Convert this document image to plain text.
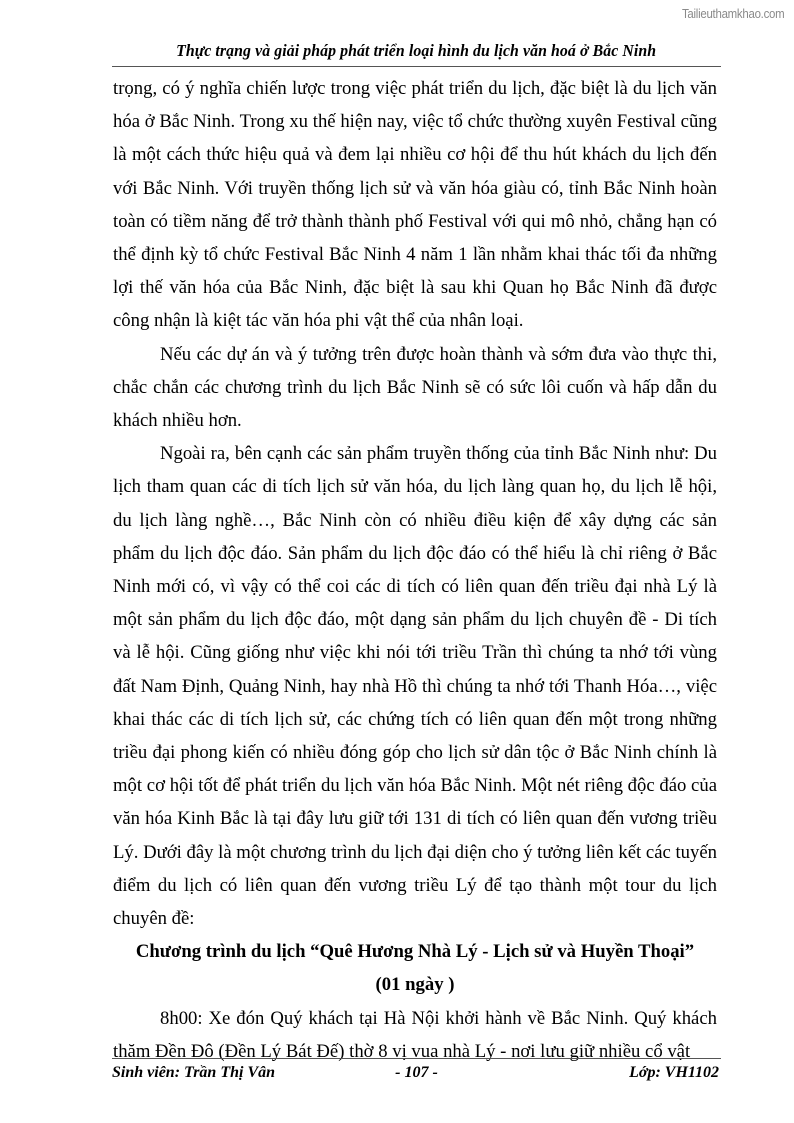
Tailieuthamkhao.com
Thực trạng và giải pháp phát triển loại hình du lịch văn hoá ở Bắc Ninh

trọng, có ý nghĩa chiến lược trong việc phát triển du lịch, đặc biệt là du lịch văn hóa ở Bắc Ninh. Trong xu thế hiện nay, việc tổ chức thường xuyên Festival cũng là một cách thức hiệu quả và đem lại nhiều cơ hội để thu hút khách du lịch đến với Bắc Ninh. Với truyền thống lịch sử và văn hóa giàu có, tỉnh Bắc Ninh hoàn toàn có tiềm năng để trở thành thành phố Festival với qui mô nhỏ, chẳng hạn có thể định kỳ tổ chức Festival Bắc Ninh 4 năm 1 lần nhằm khai thác tối đa những lợi thế văn hóa của Bắc Ninh, đặc biệt là sau khi Quan họ Bắc Ninh đã được công nhận là kiệt tác văn hóa phi vật thể của nhân loại.

Nếu các dự án và ý tưởng trên được hoàn thành và sớm đưa vào thực thi, chắc chắn các chương trình du lịch Bắc Ninh sẽ có sức lôi cuốn và hấp dẫn du khách nhiều hơn.

Ngoài ra, bên cạnh các sản phẩm truyền thống của tỉnh Bắc Ninh như: Du lịch tham quan các di tích lịch sử văn hóa, du lịch làng quan họ, du lịch lễ hội, du lịch làng nghề…, Bắc Ninh còn có nhiều điều kiện để xây dựng các sản phẩm du lịch độc đáo. Sản phẩm du lịch độc đáo có thể hiểu là chỉ riêng ở Bắc Ninh mới có, vì vậy có thể coi các di tích có liên quan đến triều đại nhà Lý là một sản phẩm du lịch độc đáo, một dạng sản phẩm du lịch chuyên đề - Di tích và lễ hội. Cũng giống như việc khi nói tới triều Trần thì chúng ta nhớ tới vùng đất Nam Định, Quảng Ninh, hay nhà Hồ thì chúng ta nhớ tới Thanh Hóa…, việc khai thác các di tích lịch sử, các chứng tích có liên quan đến một trong những triều đại phong kiến có nhiều đóng góp cho lịch sử dân tộc ở Bắc Ninh chính là một cơ hội tốt để phát triển du lịch văn hóa Bắc Ninh. Một nét riêng độc đáo của văn hóa Kinh Bắc là tại đây lưu giữ tới 131 di tích có liên quan đến vương triều Lý. Dưới đây là một chương trình du lịch đại diện cho ý tưởng liên kết các tuyến điểm du lịch có liên quan đến vương triều Lý để tạo thành một tour du lịch chuyên đề:

Chương trình du lịch “Quê Hương Nhà Lý - Lịch sử và Huyền Thoại”

(01 ngày )

8h00: Xe đón Quý khách tại Hà Nội khởi hành về Bắc Ninh. Quý khách thăm Đền Đô (Đền Lý Bát Đế) thờ 8 vị vua nhà Lý - nơi lưu giữ nhiều cổ vật

Sinh viên: Trần Thị Vân	- 107 -	Lớp: VH1102
